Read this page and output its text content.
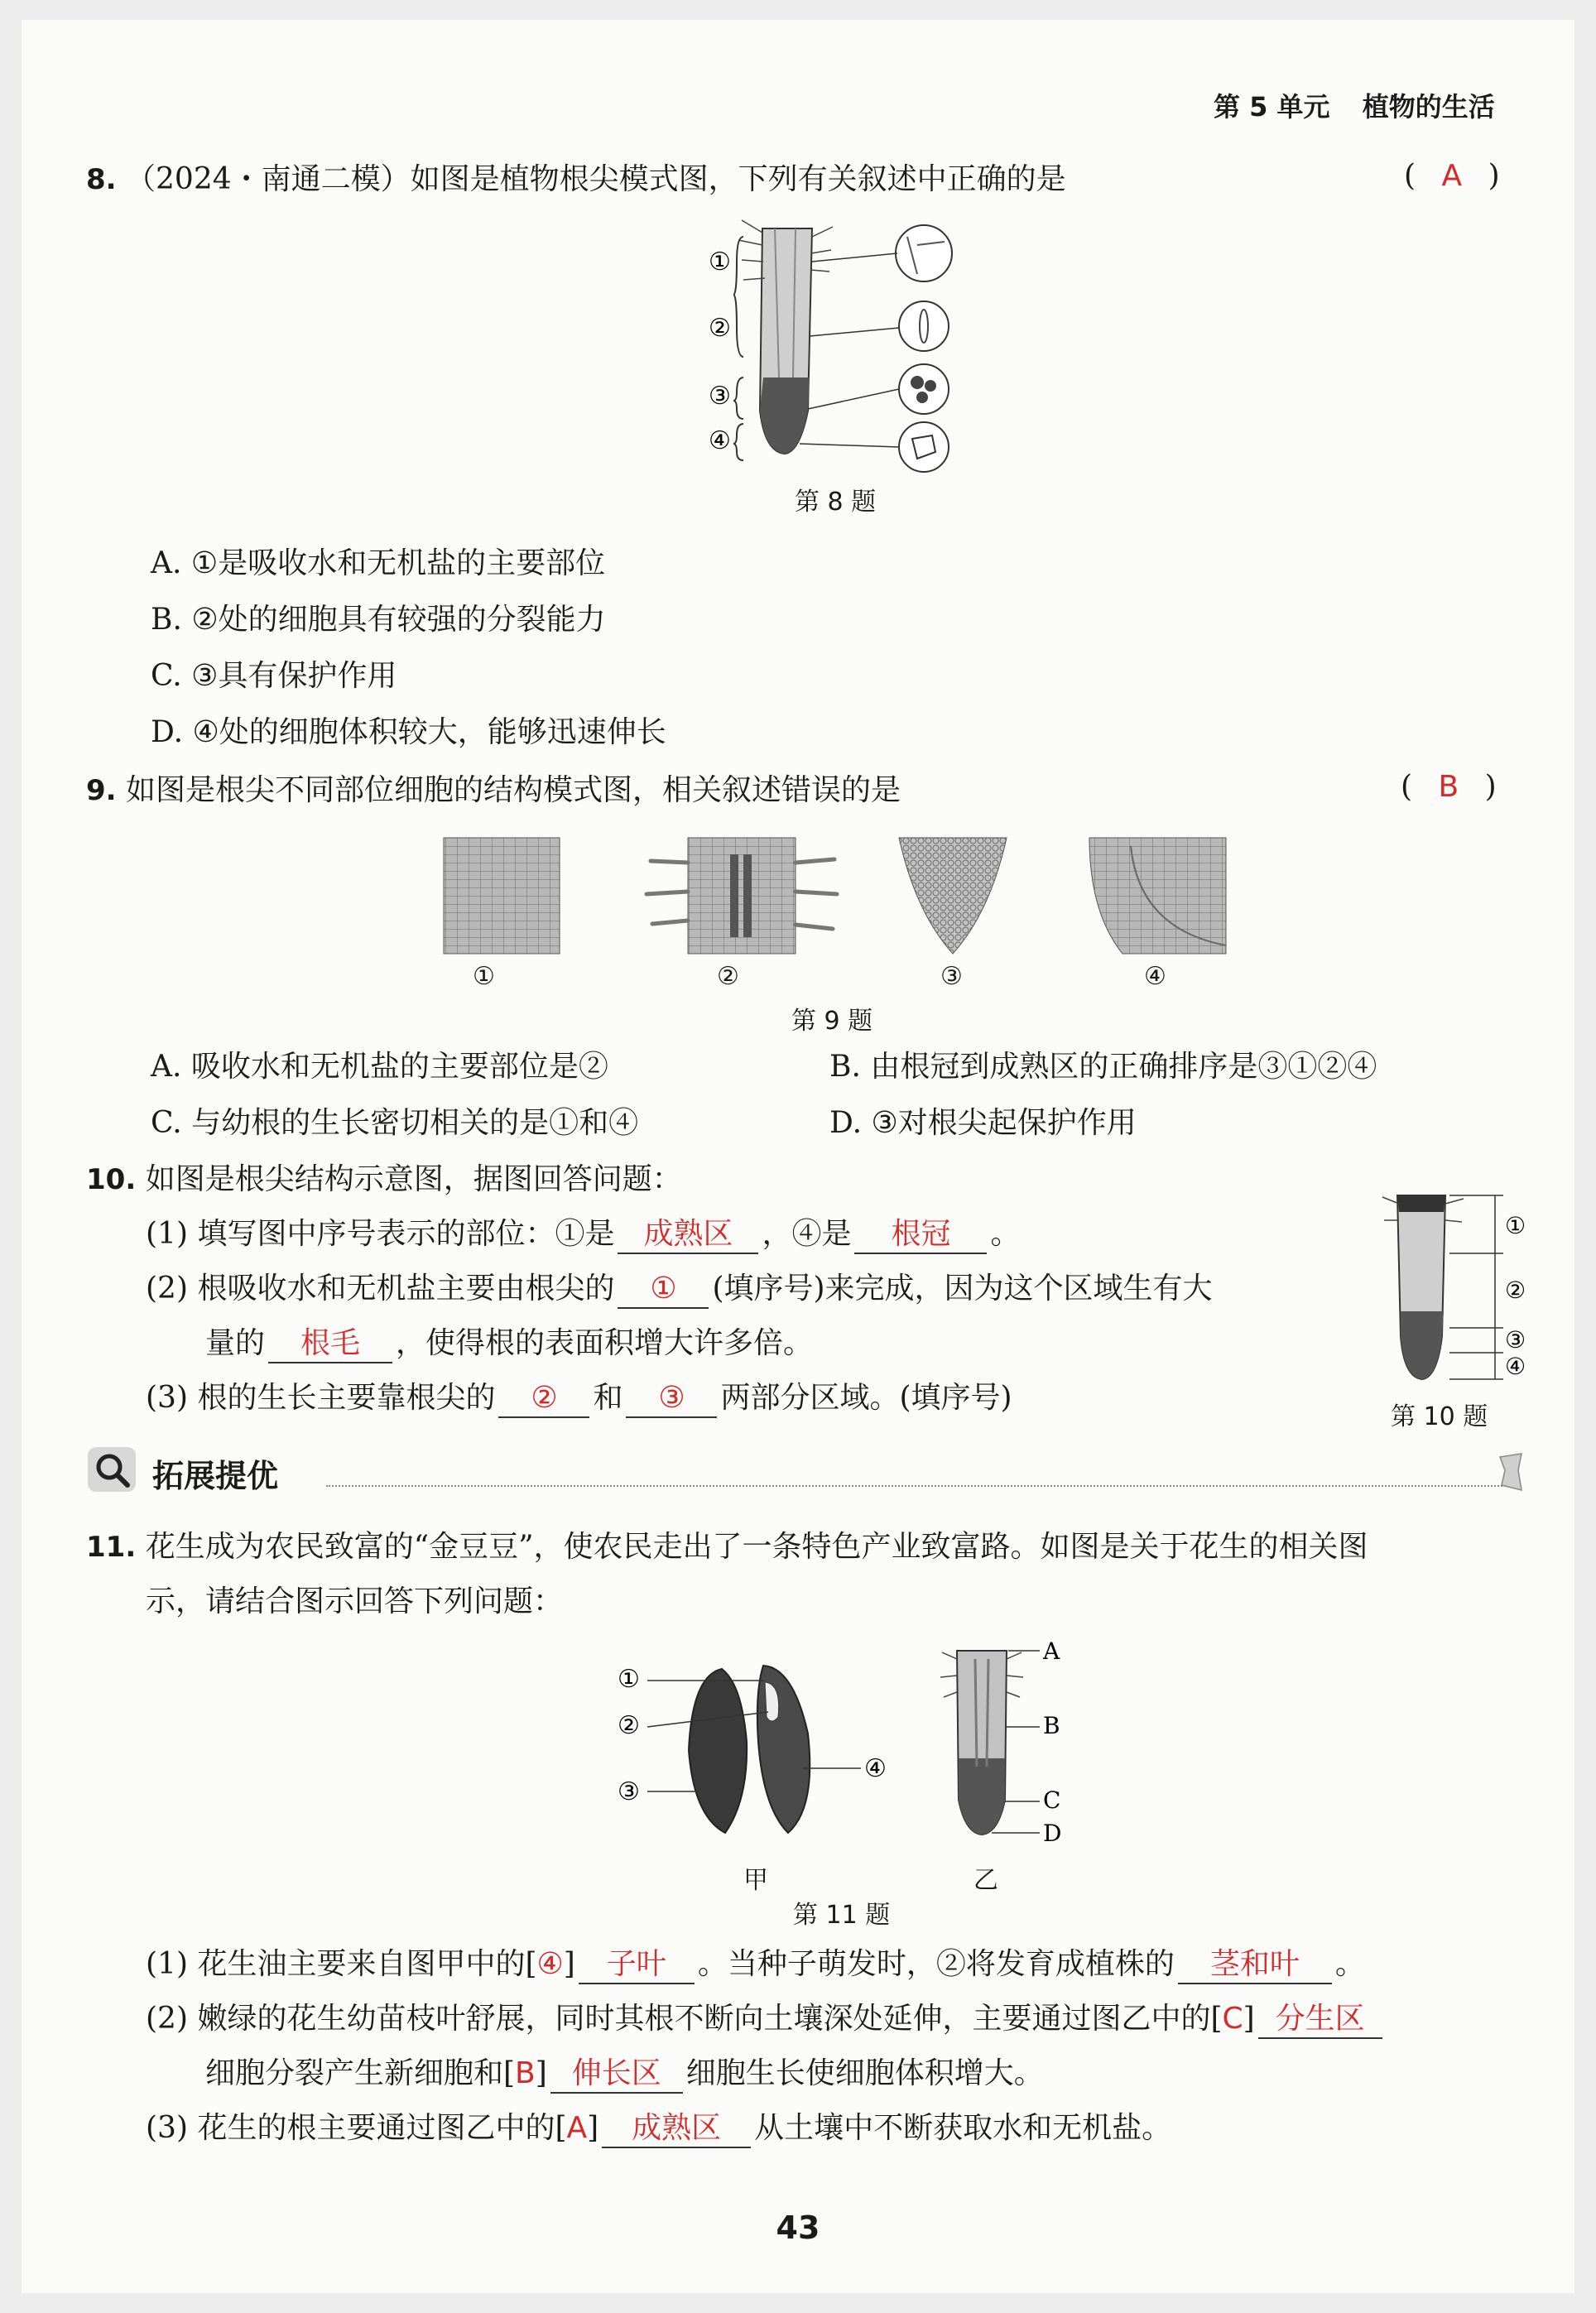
第 5 单元 植物的生活
8. （2024・南通二模）如图是植物根尖模式图，下列有关叙述中正确的是	( A )
①
②
③
④
第 8 题
A. ①是吸收水和无机盐的主要部位
B. ②处的细胞具有较强的分裂能力
C. ③具有保护作用
D. ④处的细胞体积较大，能够迅速伸长
9. 如图是根尖不同部位细胞的结构模式图，相关叙述错误的是	( B )
①	②	③	④
第 9 题
A. 吸收水和无机盐的主要部位是②	B. 由根冠到成熟区的正确排序是③①②④
C. 与幼根的生长密切相关的是①和④	D. ③对根尖起保护作用
10. 如图是根尖结构示意图，据图回答问题：
(1) 填写图中序号表示的部位：①是 成熟区 ，④是 根冠 。
(2) 根吸收水和无机盐主要由根尖的 ① (填序号)来完成，因为这个区域生有大
量的 根毛 ，使得根的表面积增大许多倍。
(3) 根的生长主要靠根尖的 ② 和 ③ 两部分区域。(填序号)
①
②
③
④
第 10 题
拓展提优
11. 花生成为农民致富的“金豆豆”，使农民走出了一条特色产业致富路。如图是关于花生的相关图
示，请结合图示回答下列问题：
①
②
③
④
A
B
C
D
甲	乙
第 11 题
(1) 花生油主要来自图甲中的[④] 子叶 。当种子萌发时，②将发育成植株的 茎和叶 。
(2) 嫩绿的花生幼苗枝叶舒展，同时其根不断向土壤深处延伸，主要通过图乙中的[C] 分生区
细胞分裂产生新细胞和[B] 伸长区 细胞生长使细胞体积增大。
(3) 花生的根主要通过图乙中的[A] 成熟区 从土壤中不断获取水和无机盐。
43
